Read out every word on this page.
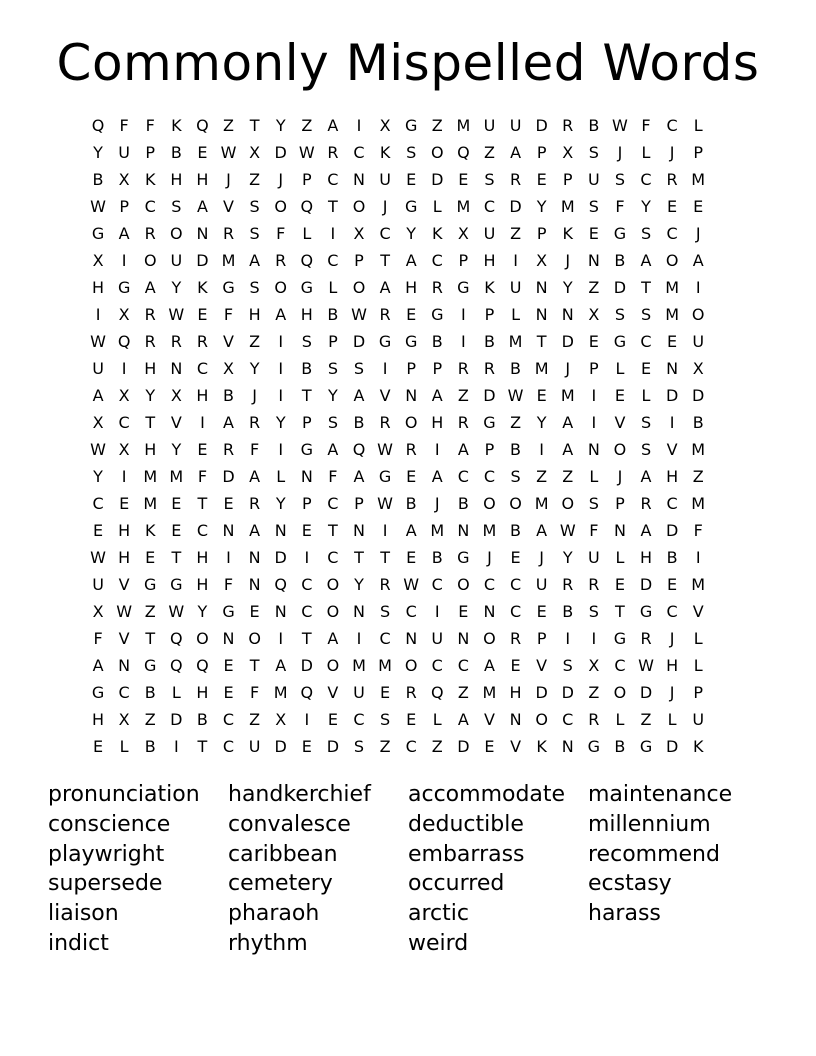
Commonly Mispelled Words
Q F	F	K Q Z T	Y Z A	I	X G Z M U U D R B W F C	L
Y U P B E W X D W R C K S O Q Z A P X S	J	L	J	P
B X K H H	J	Z	J	P C N U E D E S R E	P U S C R M
W P C S A V S O Q T O	J	G L M C D Y M S	F	Y	E E
G A R O N R S	F	L	I	X C Y K X U Z P	K E G S C	J
X	I	O U D M A R Q C P	T A C P H	I	X	J	N B A O A
H G A Y K G S O G L O A H R G K U N Y Z D T M	I
I	X R W E	F H A H B W R E G	I	P	L N N X S S M O
W Q R R R V Z	I	S	P D G G B	I	B M T D E G C E U
U	I	H N C X Y	I	B S S	I	P	P R R B M	J	P	L	E N X
A X Y X H B	J	I	T	Y A V N A Z D W E M	I	E	L D D
X C T V	I	A R Y	P	S B R O H R G Z Y A	I	V S	I	B
W X H Y	E R F	I	G A Q W R	I	A P B	I	A N O S V M
Y	I	M M F D A	L N F	A G E A C C S Z Z	L	J	A H Z
C E M E	T	E R Y	P C P W B	J	B O O M O S	P R C M
E H K E C N A N E	T N	I	A M N M B A W F N A D F
W H E	T H	I	N D	I	C T	T	E B G	J	E	J	Y U L H B	I
U V G G H F N Q C O Y R W C O C C U R R E D E M
X W Z W Y G E N C O N S C	I	E N C E B S	T G C V
F	V T Q O N O	I	T A	I	C N U N O R P	I	I	G R	J	L
A N G Q Q E	T A D O M M O C C A E V S X C W H L
G C B	L H E	F M Q V U E R Q Z M H D D Z O D	J	P
H X Z D B C Z X	I	E C S E	L	A V N O C R	L	Z	L U
E	L	B	I	T C U D E D S Z C Z D E V K N G B G D K
pronunciation
conscience
playwright
supersede
liaison
indict
handkerchief
convalesce
caribbean
cemetery
pharaoh
rhythm
accommodate
deductible
embarrass
occurred
arctic
weird
maintenance
millennium
recommend
ecstasy
harass
